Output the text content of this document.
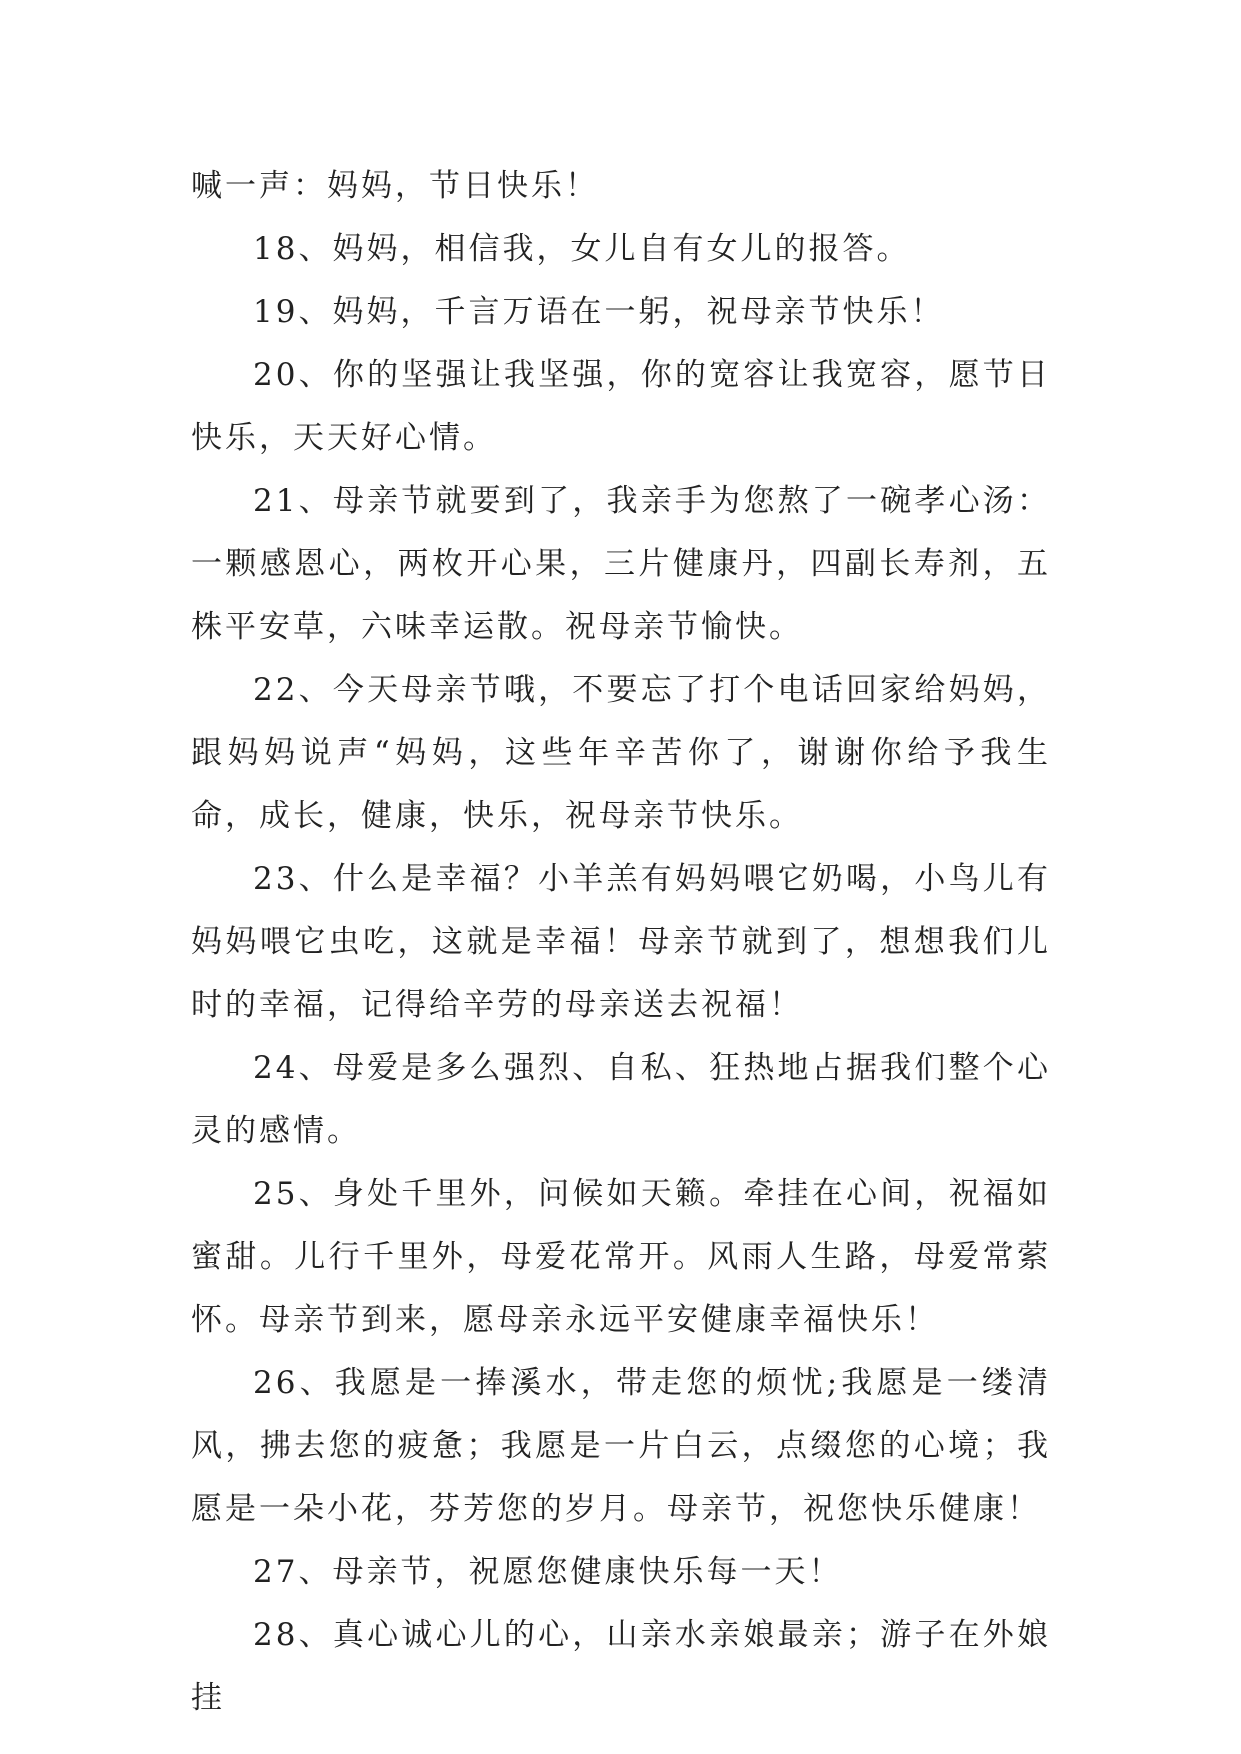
喊一声：妈妈，节日快乐！

18、妈妈，相信我，女儿自有女儿的报答。

19、妈妈，千言万语在一躬，祝母亲节快乐！

20、你的坚强让我坚强，你的宽容让我宽容，愿节日快乐，天天好心情。

21、母亲节就要到了，我亲手为您熬了一碗孝心汤：一颗感恩心，两枚开心果，三片健康丹，四副长寿剂，五株平安草，六味幸运散。祝母亲节愉快。

22、今天母亲节哦，不要忘了打个电话回家给妈妈，跟妈妈说声“妈妈，这些年辛苦你了，谢谢你给予我生命，成长，健康，快乐，祝母亲节快乐。

23、什么是幸福？小羊羔有妈妈喂它奶喝，小鸟儿有妈妈喂它虫吃，这就是幸福！母亲节就到了，想想我们儿时的幸福，记得给辛劳的母亲送去祝福！

24、母爱是多么强烈、自私、狂热地占据我们整个心灵的感情。

25、身处千里外，问候如天籁。牵挂在心间，祝福如蜜甜。儿行千里外，母爱花常开。风雨人生路，母爱常萦怀。母亲节到来，愿母亲永远平安健康幸福快乐！

26、我愿是一捧溪水，带走您的烦忧;我愿是一缕清风，拂去您的疲惫；我愿是一片白云，点缀您的心境；我愿是一朵小花，芬芳您的岁月。母亲节，祝您快乐健康！

27、母亲节，祝愿您健康快乐每一天！

28、真心诚心儿的心，山亲水亲娘最亲；游子在外娘挂
